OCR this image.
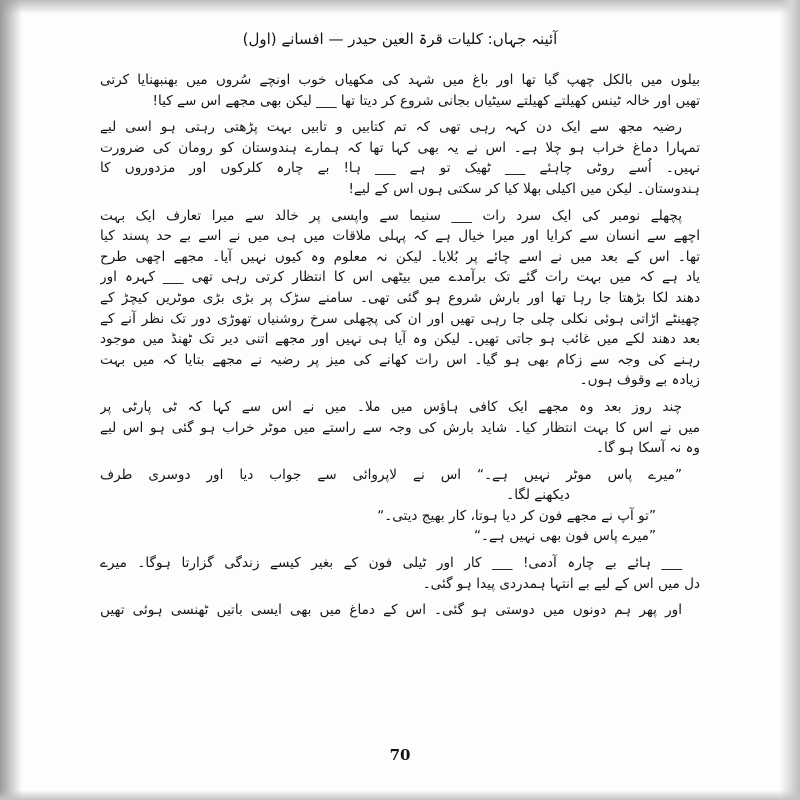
آئینہ جہاں: کلیات قرۃ العین حیدر — افسانے (اول)
بیلوں میں بالکل چھپ گیا تھا اور باغ میں شہد کی مکھیاں خوب اونچے سُروں میں بھنبھنایا کرتی
تھیں اور خالہ ٹینس کھیلتے کھیلتے سیٹیاں بجانی شروع کر دیتا تھا ___ لیکن بھی مجھے اس سے کیا!
رضیہ مجھ سے ایک دن کہہ رہی تھی کہ تم کتابیں و تابیں بہت پڑھتی رہتی ہو اسی لیے
تمہارا دماغ خراب ہو چلا ہے۔ اس نے یہ بھی کہا تھا کہ ہمارے ہندوستان کو رومان کی ضرورت
نہیں۔ اُسے روٹی چاہئے ___ ٹھیک تو ہے ___ ہا! بے چارہ کلرکوں اور مزدوروں کا
ہندوستان۔ لیکن میں اکیلی بھلا کیا کر سکتی ہوں اس کے لیے!
پچھلے نومبر کی ایک سرد رات ___ سنیما سے واپسی پر خالد سے میرا تعارف ایک بہت
اچھے سے انسان سے کرایا اور میرا خیال ہے کہ پہلی ملاقات میں ہی میں نے اسے بے حد پسند کیا
تھا۔ اس کے بعد میں نے اسے چائے پر بُلایا۔ لیکن نہ معلوم وہ کیوں نہیں آیا۔ مجھے اچھی طرح
یاد ہے کہ میں بہت رات گئے تک برآمدے میں بیٹھی اس کا انتظار کرتی رہی تھی ___ کہرہ اور
دھند لکا بڑھتا جا رہا تھا اور بارش شروع ہو گئی تھی۔ سامنے سڑک پر بڑی بڑی موٹریں کیچڑ کے
چھینٹے اڑاتی ہوئی نکلی چلی جا رہی تھیں اور ان کی پچھلی سرخ روشنیاں تھوڑی دور تک نظر آنے کے
بعد دھند لکے میں غائب ہو جاتی تھیں۔ لیکن وہ آیا ہی نہیں اور مجھے اتنی دیر تک ٹھنڈ میں موجود
رہنے کی وجہ سے زکام بھی ہو گیا۔ اس رات کھانے کی میز پر رضیہ نے مجھے بتایا کہ میں بہت
زیادہ بے وقوف ہوں۔
چند روز بعد وہ مجھے ایک کافی ہاؤس میں ملا۔ میں نے اس سے کہا کہ ٹی پارٹی پر
میں نے اس کا بہت انتظار کیا۔ شاید بارش کی وجہ سے راستے میں موٹر خراب ہو گئی ہو اس لیے
وہ نہ آسکا ہو گا۔
”میرے پاس موٹر نہیں ہے۔“ اس نے لاپروائی سے جواب دیا اور دوسری طرف
دیکھنے لگا۔
”تو آپ نے مجھے فون کر دیا ہوتا، کار بھیج دیتی۔“
”میرے پاس فون بھی نہیں ہے۔“
___ ہائے بے چارہ آدمی! ___ کار اور ٹیلی فون کے بغیر کیسے زندگی گزارتا ہوگا۔ میرے
دل میں اس کے لیے بے انتہا ہمدردی پیدا ہو گئی۔
اور پھر ہم دونوں میں دوستی ہو گئی۔ اس کے دماغ میں بھی ایسی باتیں ٹھنسی ہوئی تھیں
70
